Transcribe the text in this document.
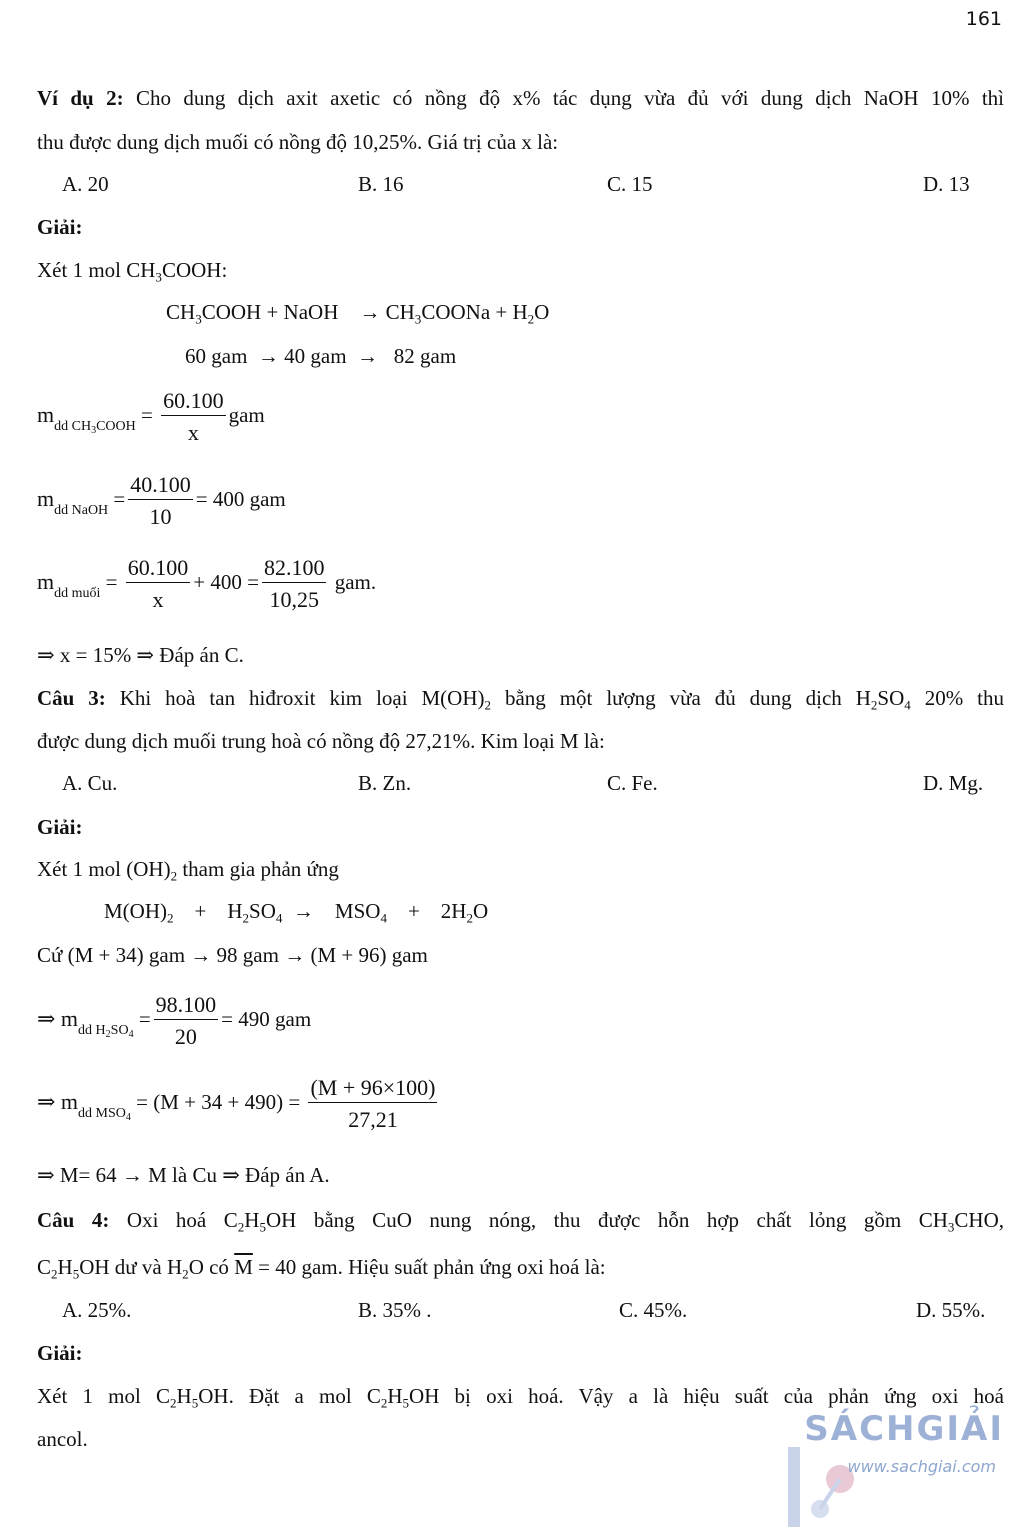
161
Ví dụ 2: Cho dung dịch axit axetic có nồng độ x% tác dụng vừa đủ với dung dịch NaOH 10% thì
thu được dung dịch muối có nồng độ 10,25%. Giá trị của x là:
A. 20	B. 16	C. 15	D. 13
Giải:
Xét 1 mol $CH_3COOH$:
$CH_3COOH$ + NaOH    → $CH_3COONa + H_2O$
60 gam  → 40 gam  →   82 gam
$m_{dd CH_3COOH} = \frac{60.100}{x}$ gam
$m_{dd NaOH} = \frac{40.100}{10} = 400$ gam
$m_{dd muối} = \frac{60.100}{x} + 400 = \frac{82.100}{10,25}$ gam.
⇒ x = 15% ⇒ Đáp án C.
Câu 3: Khi hoà tan hiđroxit kim loại $M(OH)_2$ bằng một lượng vừa đủ dung dịch $H_2SO_4$ 20% thu
được dung dịch muối trung hoà có nồng độ 27,21%. Kim loại M là:
A. Cu.	B. Zn.	C. Fe.	D. Mg.
Giải:
Xét 1 mol $(OH)_2$ tham gia phản ứng
$M(OH)_2$    +    $H_2SO_4$  →    $MSO_4$    +    $2H_2O$
Cứ (M + 34) gam → 98 gam → (M + 96) gam
⇒ $m_{dd H_2SO_4} = \frac{98.100}{20} = 490$ gam
⇒ $m_{dd MSO_4} = (M + 34 + 490) = \frac{(M + 96\times 100)}{27,21}$
⇒ M= 64 → M là Cu ⇒ Đáp án A.
Câu 4: Oxi hoá $C_2H_5OH$ bằng CuO nung nóng, thu được hỗn hợp chất lỏng gồm $CH_3CHO$,
$C_2H_5OH$ dư và $H_2O$ có $\overline{M} = 40$ gam. Hiệu suất phản ứng oxi hoá là:
A. 25%.	B. 35% .	C. 45%.	D. 55%.
Giải:
Xét 1 mol $C_2H_5OH$. Đặt a mol $C_2H_5OH$ bị oxi hoá. Vậy a là hiệu suất của phản ứng oxi hoá
ancol.	SÁCHGIẢI
www.sachgiai.com
